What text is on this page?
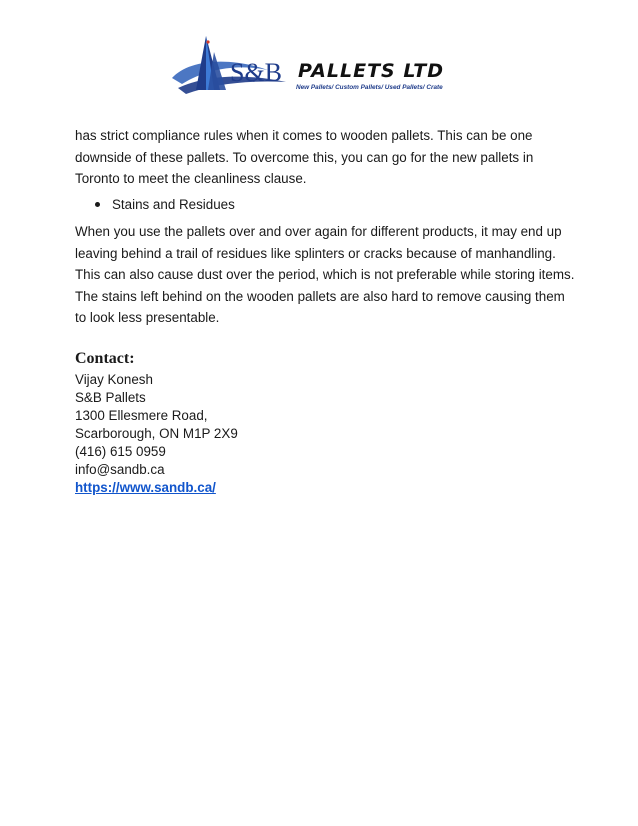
S&B PALLETS LTD
New Pallets/ Custom Pallets/ Used Pallets/ Crate
has strict compliance rules when it comes to wooden pallets. This can be one downside of these pallets. To overcome this, you can go for the new pallets in Toronto to meet the cleanliness clause.
Stains and Residues
When you use the pallets over and over again for different products, it may end up leaving behind a trail of residues like splinters or cracks because of manhandling. This can also cause dust over the period, which is not preferable while storing items. The stains left behind on the wooden pallets are also hard to remove causing them to look less presentable.
Contact:
Vijay Konesh
S&B Pallets
1300 Ellesmere Road,
Scarborough, ON M1P 2X9
(416) 615 0959
info@sandb.ca
https://www.sandb.ca/
